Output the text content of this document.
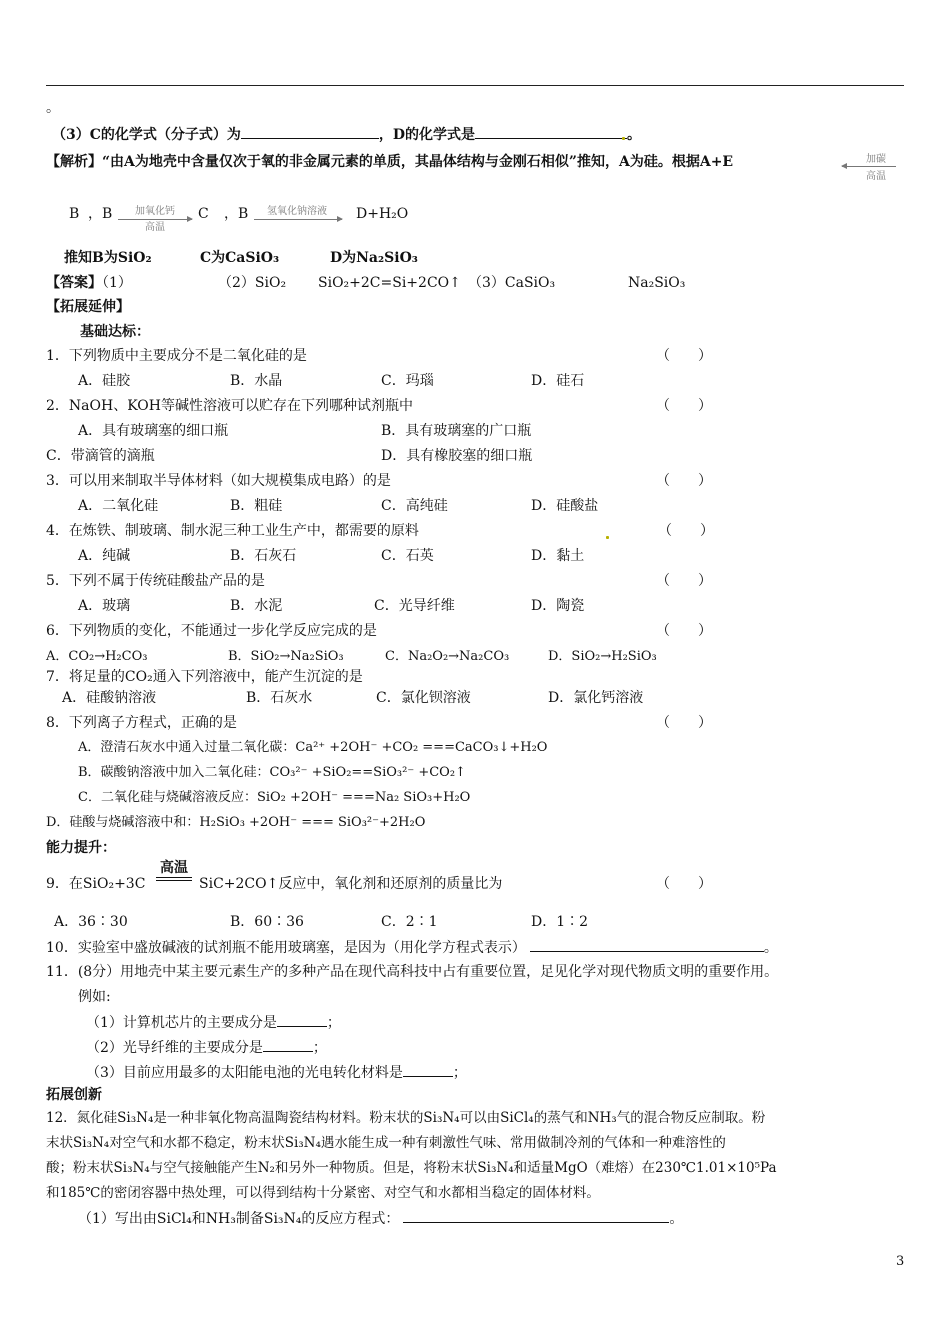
。
（3）C的化学式（分子式）为	，D的化学式是	。
【解析】“由A为地壳中含量仅次于氧的非金属元素的单质，其晶体结构与金刚石相似”推知，A为硅。根据A+E	加碳
高温
B ，B	加氧化钙
高温
C ，B	氢氧化钠溶液	D+H₂O
推知B为SiO₂	C为CaSiO₃	D为Na₂SiO₃
【答案】（1）	（2）SiO₂ SiO₂+2C=Si+2CO↑ （3）CaSiO₃	Na₂SiO₃
【拓展延伸】
基础达标：
1．下列物质中主要成分不是二氧化硅的是	（　　）
A．硅胶	B．水晶	C．玛瑙	D．硅石
2．NaOH、KOH等碱性溶液可以贮存在下列哪种试剂瓶中	（　　）
A．具有玻璃塞的细口瓶	B．具有玻璃塞的广口瓶
C．带滴管的滴瓶	D．具有橡胶塞的细口瓶
3．可以用来制取半导体材料（如大规模集成电路）的是	（　　）
A．二氧化硅	B．粗硅	C．高纯硅	D．硅酸盐
4．在炼铁、制玻璃、制水泥三种工业生产中，都需要的原料	（　　）
A．纯碱	B．石灰石	C．石英	D．黏土
5．下列不属于传统硅酸盐产品的是	（　　）
A．玻璃	B．水泥	C．光导纤维	D．陶瓷
6．下列物质的变化，不能通过一步化学反应完成的是	（　　）
A．CO₂→H₂CO₃	B．SiO₂→Na₂SiO₃	C．Na₂O₂→Na₂CO₃	D．SiO₂→H₂SiO₃
7．将足量的CO₂通入下列溶液中，能产生沉淀的是
A．硅酸钠溶液	B．石灰水	C．氯化钡溶液	D．氯化钙溶液
8．下列离子方程式，正确的是	（　　）
A．澄清石灰水中通入过量二氧化碳：Ca²⁺ +2OH⁻ +CO₂ ===CaCO₃↓+H₂O
B．碳酸钠溶液中加入二氧化硅：CO₃²⁻ +SiO₂==SiO₃²⁻ +CO₂↑
C．二氧化硅与烧碱溶液反应：SiO₂ +2OH⁻ ===Na₂ SiO₃+H₂O
D．硅酸与烧碱溶液中和：H₂SiO₃ +2OH⁻ === SiO₃²⁻+2H₂O
能力提升：
9．在SiO₂+3C
高温
SiC+2CO↑反应中，氧化剂和还原剂的质量比为	（　　）
A．36∶30	B．60∶36	C．2∶1	D．1∶2
10．实验室中盛放碱液的试剂瓶不能用玻璃塞，是因为（用化学方程式表示）	。
11．(8分）用地壳中某主要元素生产的多种产品在现代高科技中占有重要位置，足见化学对现代物质文明的重要作用。
例如:
（1）计算机芯片的主要成分是	；
（2）光导纤维的主要成分是	；
（3）目前应用最多的太阳能电池的光电转化材料是	；
拓展创新
12．氮化硅Si₃N₄是一种非氧化物高温陶瓷结构材料。粉末状的Si₃N₄可以由SiCl₄的蒸气和NH₃气的混合物反应制取。粉
末状Si₃N₄对空气和水都不稳定，粉末状Si₃N₄遇水能生成一种有刺激性气味、常用做制冷剂的气体和一种难溶性的
酸；粉末状Si₃N₄与空气接触能产生N₂和另外一种物质。但是，将粉末状Si₃N₄和适量MgO（难熔）在230℃1.01×10⁵Pa
和185℃的密闭容器中热处理，可以得到结构十分紧密、对空气和水都相当稳定的固体材料。
（1）写出由SiCl₄和NH₃制备Si₃N₄的反应方程式：	。
3
